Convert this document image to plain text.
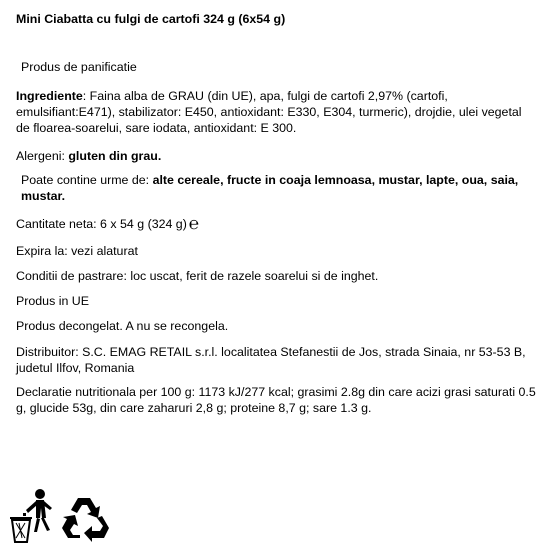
Mini Ciabatta cu fulgi de cartofi 324 g (6x54 g)

Produs de panificatie

Ingrediente: Faina alba de GRAU (din UE), apa, fulgi de cartofi 2,97% (cartofi, emulsifiant:E471), stabilizator: E450, antioxidant: E330, E304, turmeric), drojdie, ulei vegetal de floarea-soarelui, sare iodata, antioxidant: E 300.

Alergeni: gluten din grau.

Poate contine urme de: alte cereale, fructe in coaja lemnoasa, mustar, lapte, oua, saia, mustar.

Cantitate neta: 6 x 54 g (324 g) ℮

Expira la: vezi alaturat

Conditii de pastrare: loc uscat, ferit de razele soarelui si de inghet.

Produs in UE

Produs decongelat. A nu se recongela.

Distribuitor: S.C. EMAG RETAIL s.r.l. localitatea Stefanestii de Jos, strada Sinaia, nr 53-53 B, judetul Ilfov, Romania

Declaratie nutritionala per 100 g: 1173 kJ/277 kcal; grasimi 2.8g din care acizi grasi saturati 0.5 g, glucide 53g, din care zaharuri 2,8 g; proteine 8,7 g; sare 1.3 g.
